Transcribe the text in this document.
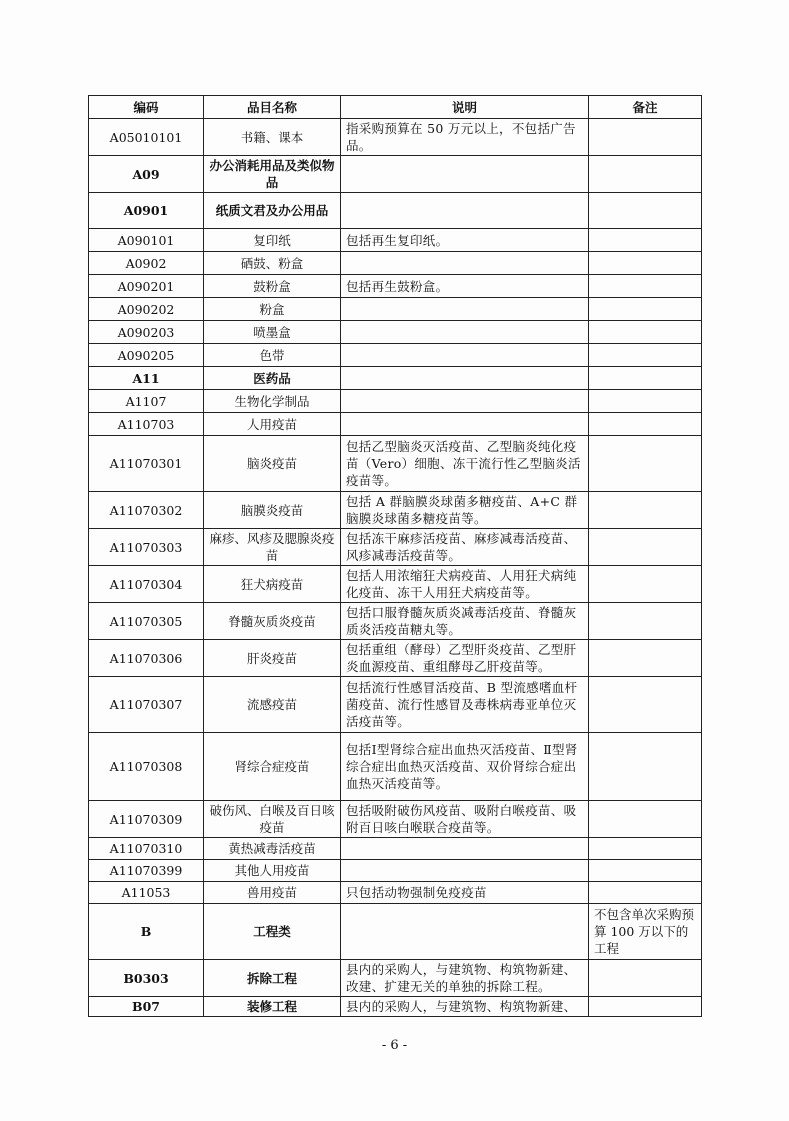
编码	品目名称	说明	备注
A05010101	书籍、课本	指采购预算在 50 万元以上，不包括广告品。	
A09	办公消耗用品及类似物品		
A0901	纸质文君及办公用品		
A090101	复印纸	包括再生复印纸。	
A0902	硒鼓、粉盒		
A090201	鼓粉盒	包括再生鼓粉盒。	
A090202	粉盒		
A090203	喷墨盒		
A090205	色带		
A11	医药品		
A1107	生物化学制品		
A110703	人用疫苗		
A11070301	脑炎疫苗	包括乙型脑炎灭活疫苗、乙型脑炎纯化疫苗（Vero）细胞、冻干流行性乙型脑炎活疫苗等。	
A11070302	脑膜炎疫苗	包括 A 群脑膜炎球菌多糖疫苗、A+C 群脑膜炎球菌多糖疫苗等。	
A11070303	麻疹、风疹及腮腺炎疫苗	包括冻干麻疹活疫苗、麻疹减毒活疫苗、风疹减毒活疫苗等。	
A11070304	狂犬病疫苗	包括人用浓缩狂犬病疫苗、人用狂犬病纯化疫苗、冻干人用狂犬病疫苗等。	
A11070305	脊髓灰质炎疫苗	包括口服脊髓灰质炎减毒活疫苗、脊髓灰质炎活疫苗糖丸等。	
A11070306	肝炎疫苗	包括重组（酵母）乙型肝炎疫苗、乙型肝炎血源疫苗、重组酵母乙肝疫苗等。	
A11070307	流感疫苗	包括流行性感冒活疫苗、B 型流感嗜血杆菌疫苗、流行性感冒及毒株病毒亚单位灭活疫苗等。	
A11070308	肾综合症疫苗	包括Ⅰ型肾综合症出血热灭活疫苗、Ⅱ型肾综合症出血热灭活疫苗、双价肾综合症出血热灭活疫苗等。	
A11070309	破伤风、白喉及百日咳疫苗	包括吸附破伤风疫苗、吸附白喉疫苗、吸附百日咳白喉联合疫苗等。	
A11070310	黄热减毒活疫苗		
A11070399	其他人用疫苗		
A11053	兽用疫苗	只包括动物强制免疫疫苗	
B	工程类		不包含单次采购预算 100 万以下的工程
B0303	拆除工程	县内的采购人，与建筑物、构筑物新建、改建、扩建无关的单独的拆除工程。	
B07	装修工程	县内的采购人，与建筑物、构筑物新建、	
- 6 -
